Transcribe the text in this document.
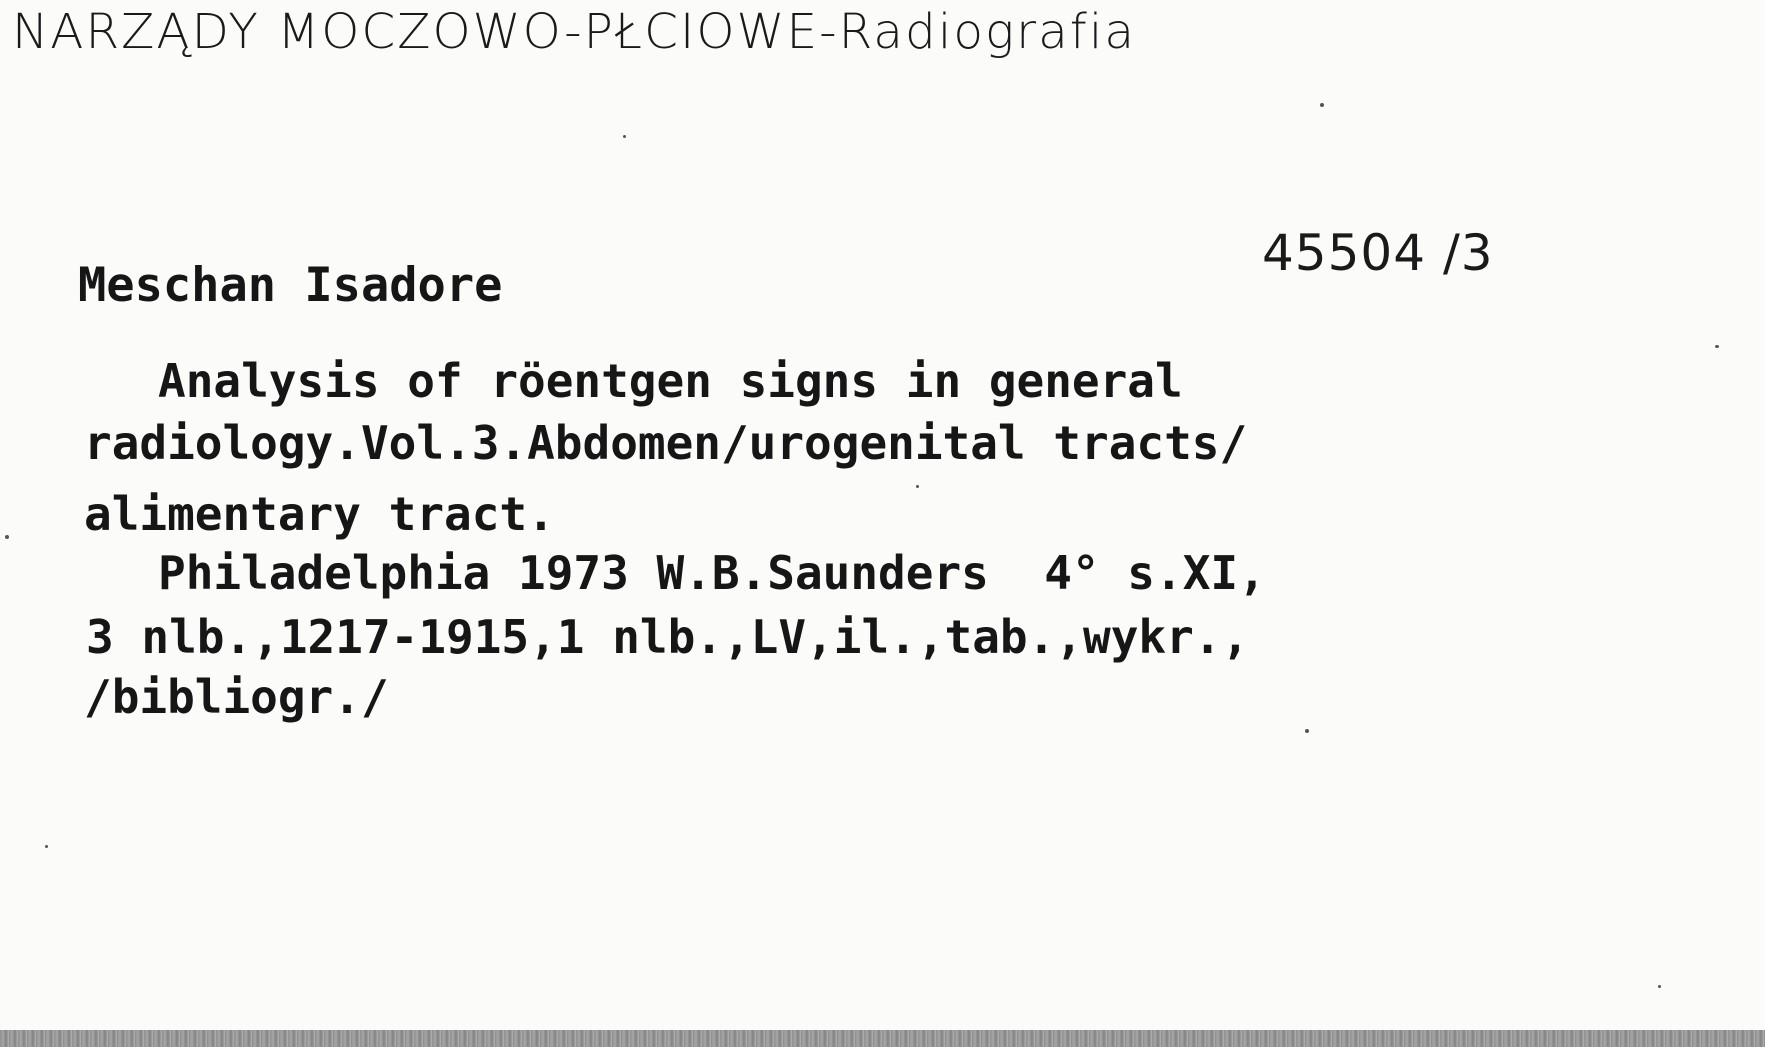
NARZĄDY MOCZOWO-PŁCIOWE-Radiografia
45504 /3
Meschan Isadore
Analysis of röentgen signs in general
radiology.Vol.3.Abdomen/urogenital tracts/
alimentary tract.
Philadelphia 1973 W.B.Saunders  4° s.XI,
3 nlb.,1217-1915,1 nlb.,LV,il.,tab.,wykr.,
/bibliogr./
